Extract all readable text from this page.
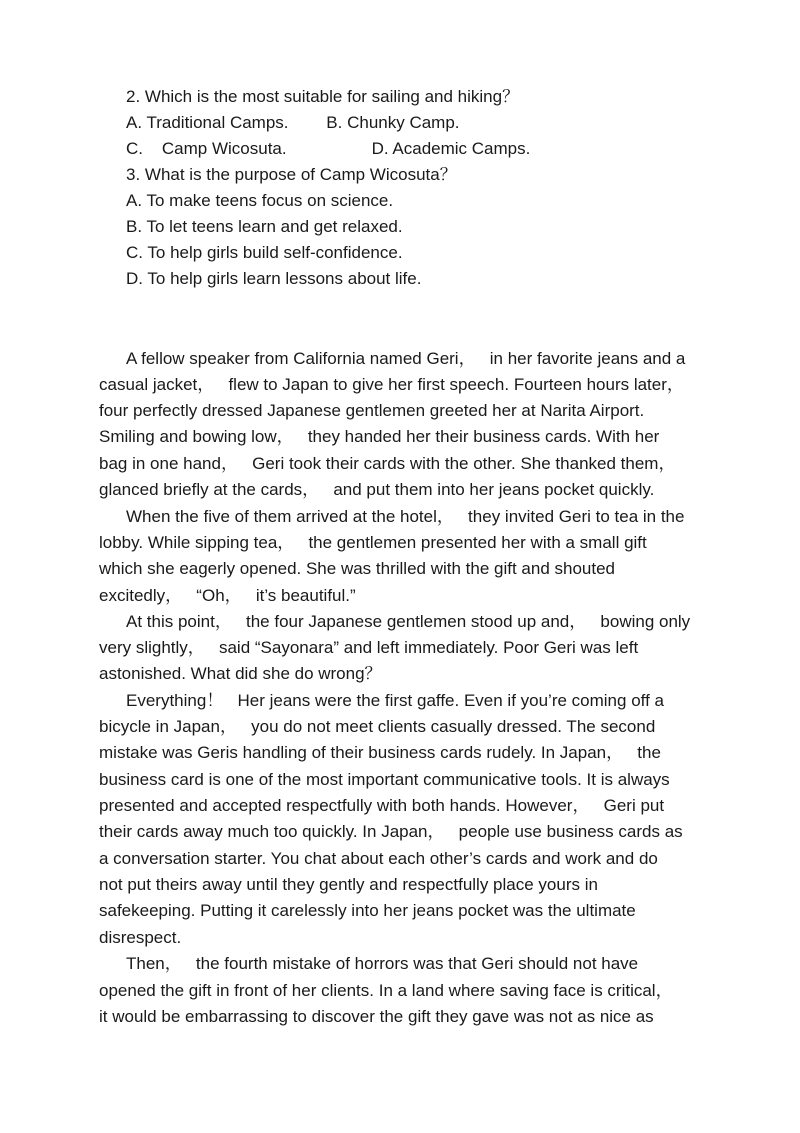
2. Which is the most suitable for sailing and hiking？

A. Traditional Camps.        B. Chunky Camp.

C.    Camp Wicosuta.                  D. Academic Camps.

3. What is the purpose of Camp Wicosuta？

A. To make teens focus on science.

B. To let teens learn and get relaxed.

C. To help girls build self-confidence.

D. To help girls learn lessons about life.

A fellow speaker from California named Geri，   in her favorite jeans and a

casual jacket，   flew to Japan to give her first speech. Fourteen hours later，

four perfectly dressed Japanese gentlemen greeted her at Narita Airport.

Smiling and bowing low，   they handed her their business cards. With her

bag in one hand，   Geri took their cards with the other. She thanked them，

glanced briefly at the cards，   and put them into her jeans pocket quickly.

When the five of them arrived at the hotel，   they invited Geri to tea in the

lobby. While sipping tea，   the gentlemen presented her with a small gift

which she eagerly opened. She was thrilled with the gift and shouted

excitedly，   “Oh，   it’s beautiful.”

At this point，   the four Japanese gentlemen stood up and，   bowing only

very slightly，   said “Sayonara” and left immediately. Poor Geri was left

astonished. What did she do wrong？

Everything！   Her jeans were the first gaffe. Even if you’re coming off a

bicycle in Japan，   you do not meet clients casually dressed. The second

mistake was Geris handling of their business cards rudely. In Japan，   the

business card is one of the most important communicative tools. It is always

presented and accepted respectfully with both hands. However，   Geri put

their cards away much too quickly. In Japan，   people use business cards as

a conversation starter. You chat about each other’s cards and work and do

not put theirs away until they gently and respectfully place yours in

safekeeping. Putting it carelessly into her jeans pocket was the ultimate

disrespect.

Then，   the fourth mistake of horrors was that Geri should not have

opened the gift in front of her clients. In a land where saving face is critical，

it would be embarrassing to discover the gift they gave was not as nice as
